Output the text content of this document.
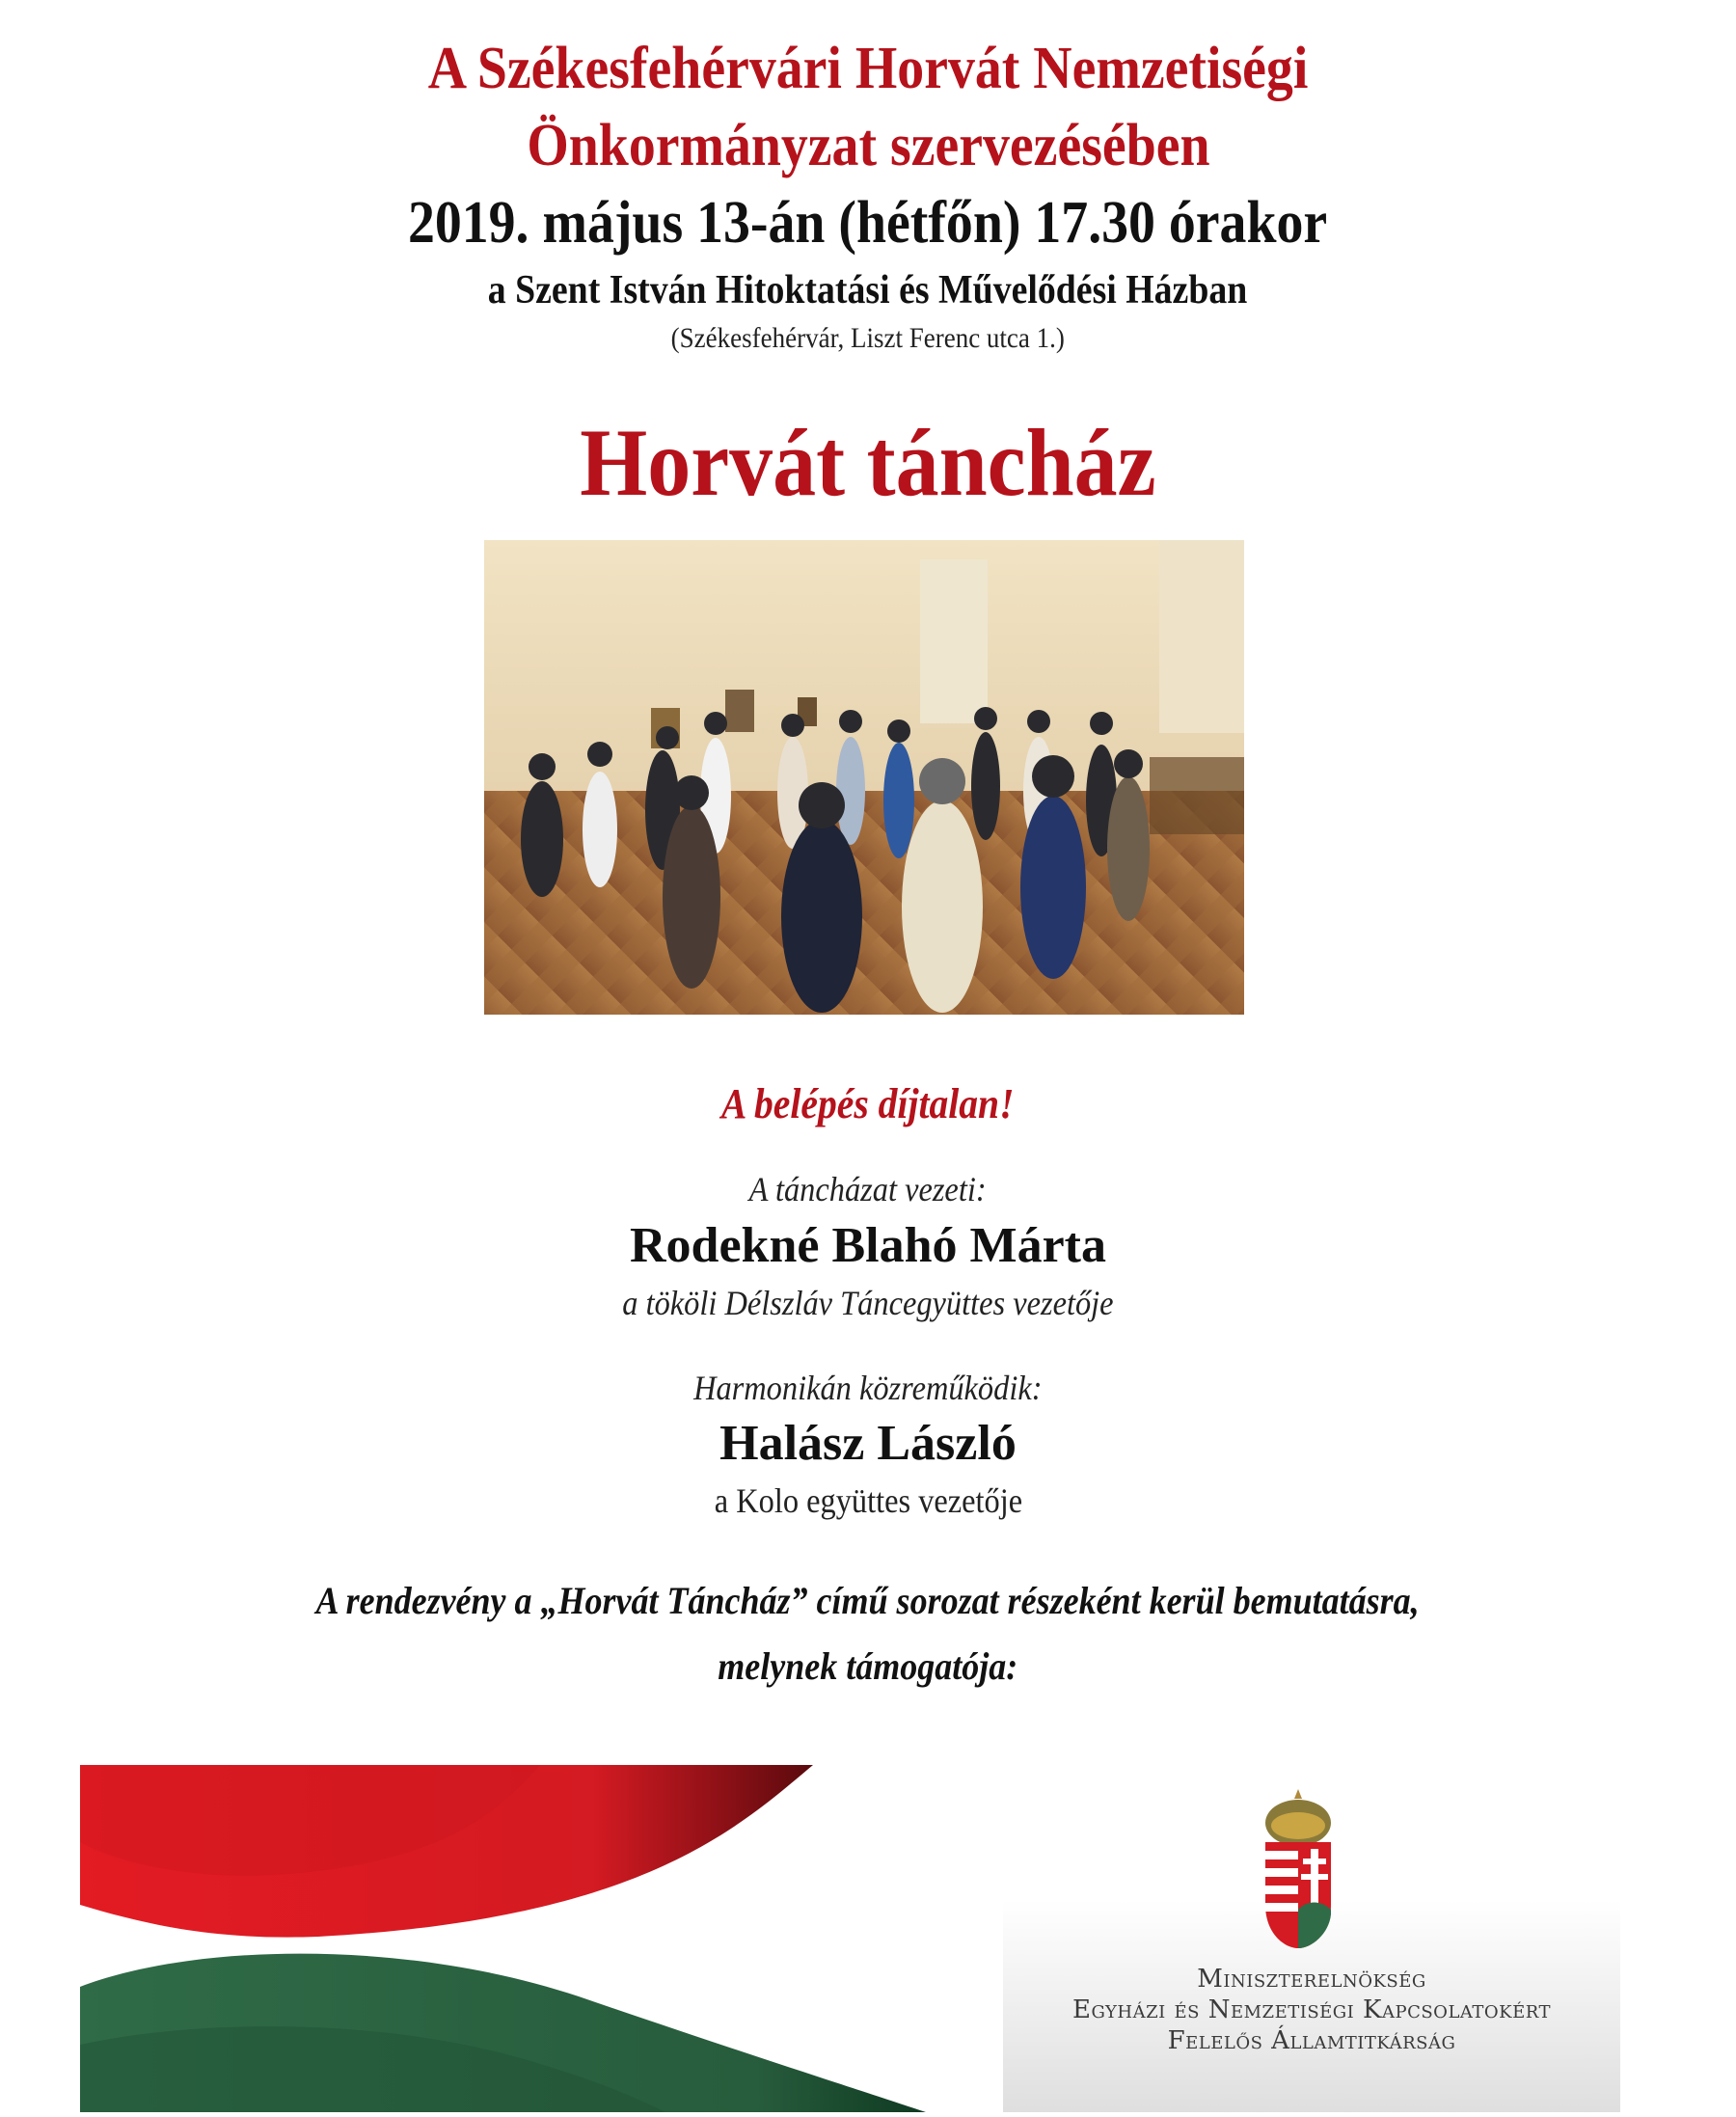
A Székesfehérvári Horvát Nemzetiségi
Önkormányzat szervezésében
2019. május 13-án (hétfőn) 17.30 órakor
a Szent István Hitoktatási és Művelődési Házban
(Székesfehérvár, Liszt Ferenc utca 1.)
Horvát táncház
A belépés díjtalan!
A táncházat vezeti:
Rodekné Blahó Márta
a tököli Délszláv Táncegyüttes vezetője
Harmonikán közreműködik:
Halász László
a Kolo együttes vezetője
A rendezvény a „Horvát Táncház” című sorozat részeként kerül bemutatásra,
melynek támogatója:
Miniszterelnökség
Egyházi és Nemzetiségi Kapcsolatokért
Felelős Államtitkárság
